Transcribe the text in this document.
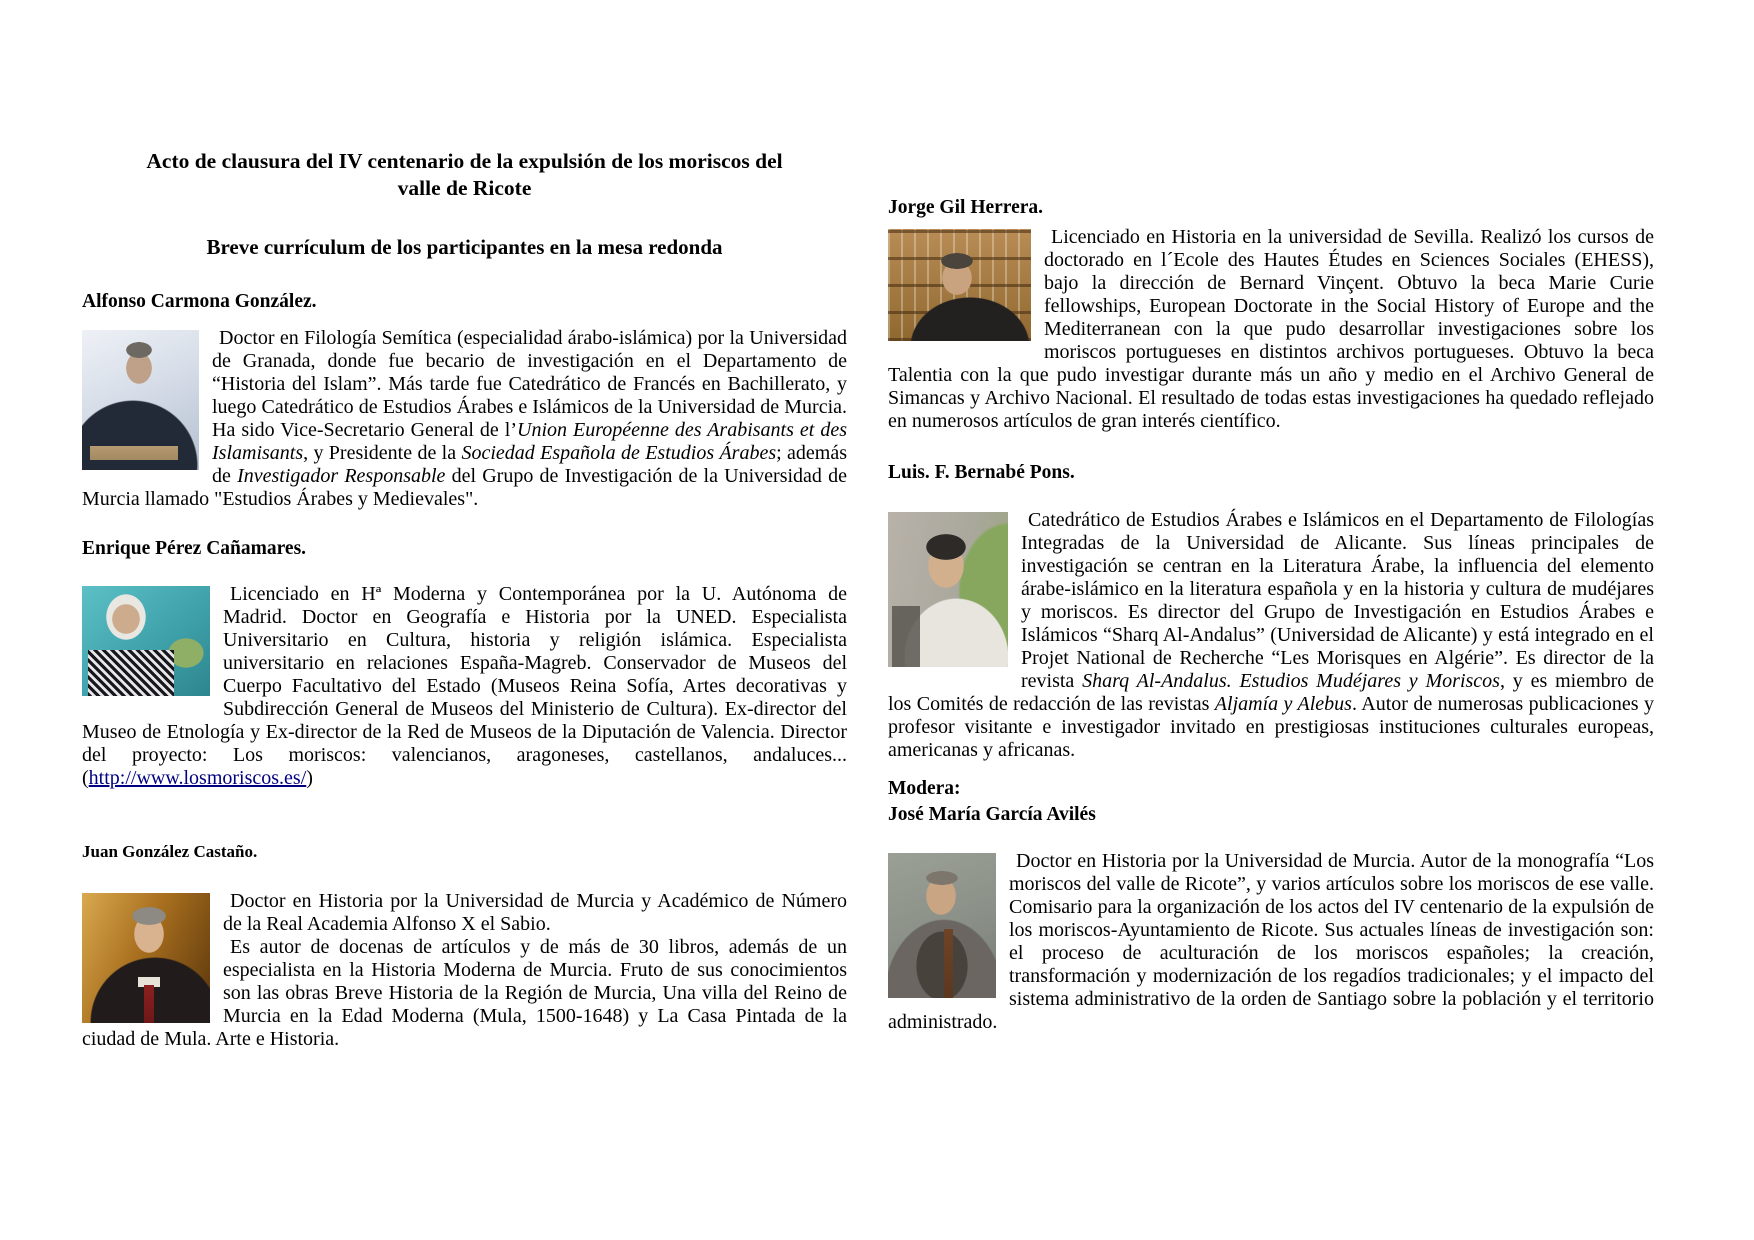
Acto de clausura del IV centenario de la expulsión de los moriscos del
valle de Ricote
Breve currículum de los participantes en la mesa redonda
Alfonso Carmona González.

Doctor en Filología Semítica (especialidad árabo-islámica) por la Universidad de Granada, donde fue becario de investigación en el Departamento de “Historia del Islam”. Más tarde fue Catedrático de Francés en Bachillerato, y luego Catedrático de Estudios Árabes e Islámicos de la Universidad de Murcia. Ha sido Vice-Secretario General de l’Union Européenne des Arabisants et des Islamisants, y Presidente de la Sociedad Española de Estudios Árabes; además de Investigador Responsable del Grupo de Investigación de la Universidad de Murcia llamado "Estudios Árabes y Medievales".

Enrique Pérez Cañamares.

Licenciado en Hª Moderna y Contemporánea por la U. Autónoma de Madrid. Doctor en Geografía e Historia por la UNED. Especialista Universitario en Cultura, historia y religión islámica. Especialista universitario en relaciones España-Magreb. Conservador de Museos del Cuerpo Facultativo del Estado (Museos Reina Sofía, Artes decorativas y Subdirección General de Museos del Ministerio de Cultura). Ex-director del Museo de Etnología y Ex-director de la Red de Museos de la Diputación de Valencia. Director del proyecto: Los moriscos: valencianos, aragoneses, castellanos, andaluces... (http://www.losmoriscos.es/)

Juan González Castaño.

Doctor en Historia por la Universidad de Murcia y Académico de Número de la Real Academia Alfonso X el Sabio.

Es autor de docenas de artículos y de más de 30 libros, además de un especialista en la Historia Moderna de Murcia. Fruto de sus conocimientos son las obras Breve Historia de la Región de Murcia, Una villa del Reino de Murcia en la Edad Moderna (Mula, 1500-1648) y La Casa Pintada de la ciudad de Mula. Arte e Historia.

Jorge Gil Herrera.

Licenciado en Historia en la universidad de Sevilla. Realizó los cursos de doctorado en l´Ecole des Hautes Études en Sciences Sociales (EHESS), bajo la dirección de Bernard Vinçent. Obtuvo la beca Marie Curie fellowships, European Doctorate in the Social History of Europe and the Mediterranean con la que pudo desarrollar investigaciones sobre los moriscos portugueses en distintos archivos portugueses. Obtuvo la beca Talentia con la que pudo investigar durante más un año y medio en el Archivo General de Simancas y Archivo Nacional. El resultado de todas estas investigaciones ha quedado reflejado en numerosos artículos de gran interés científico.

Luis. F. Bernabé Pons.

Catedrático de Estudios Árabes e Islámicos en el Departamento de Filologías Integradas de la Universidad de Alicante. Sus líneas principales de investigación se centran en la Literatura Árabe, la influencia del elemento árabe-islámico en la literatura española y en la historia y cultura de mudéjares y moriscos. Es director del Grupo de Investigación en Estudios Árabes e Islámicos “Sharq Al-Andalus” (Universidad de Alicante) y está integrado en el Projet National de Recherche “Les Morisques en Algérie”. Es director de la revista Sharq Al-Andalus. Estudios Mudéjares y Moriscos, y es miembro de los Comités de redacción de las revistas Aljamía y Alebus. Autor de numerosas publicaciones y profesor visitante e investigador invitado en prestigiosas instituciones culturales europeas, americanas y africanas.

Modera:
José María García Avilés

Doctor en Historia por la Universidad de Murcia. Autor de la monografía “Los moriscos del valle de Ricote”, y varios artículos sobre los moriscos de ese valle. Comisario para la organización de los actos del IV centenario de la expulsión de los moriscos-Ayuntamiento de Ricote. Sus actuales líneas de investigación son: el proceso de aculturación de los moriscos españoles; la creación, transformación y modernización de los regadíos tradicionales; y el impacto del sistema administrativo de la orden de Santiago sobre la población y el territorio administrado.
